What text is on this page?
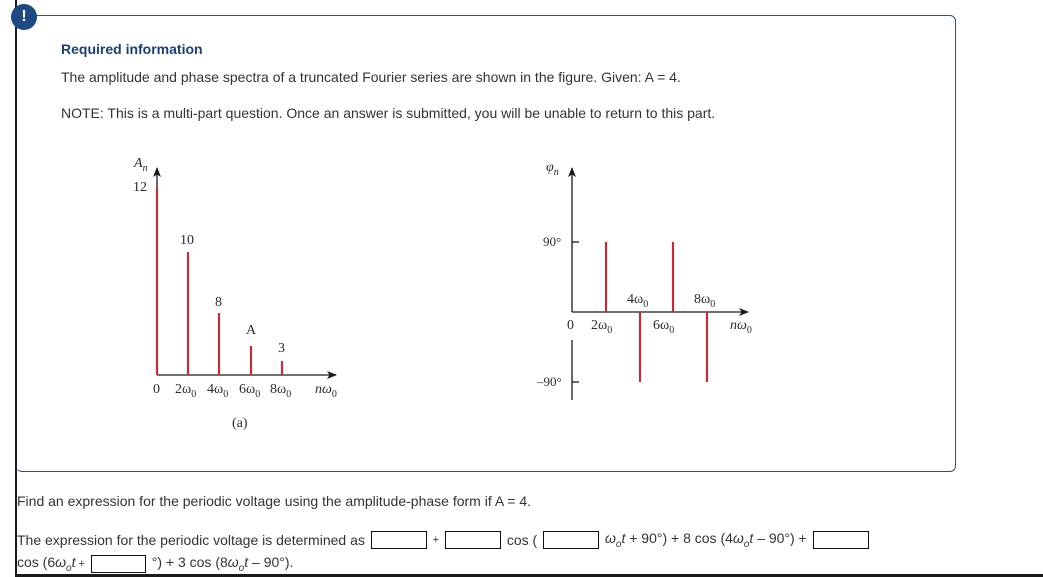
!
Required information
The amplitude and phase spectra of a truncated Fourier series are shown in the figure. Given: A = 4.
NOTE: This is a multi-part question. Once an answer is submitted, you will be unable to return to this part.
$A_n$
12
10
8
A
3
0 $2\omega_0$ $4\omega_0$ $6\omega_0$ $8\omega_0$ $n\omega_0$
(a)
$\varphi_n$
90°
–90°
0 $2\omega_0$
$4\omega_0$
$6\omega_0$
$8\omega_0$
$n\omega_0$
Find an expression for the periodic voltage using the amplitude-phase form if A = 4.
The expression for the periodic voltage is determined as	+	cos (	$\omega_ot + 90^\circ) + 8$ $\cos (4\omega_ot - 90^\circ)$ +
$\cos (6\omega_ot$ +	°) + 3 $\cos (8\omega_ot - 90^\circ)$.
